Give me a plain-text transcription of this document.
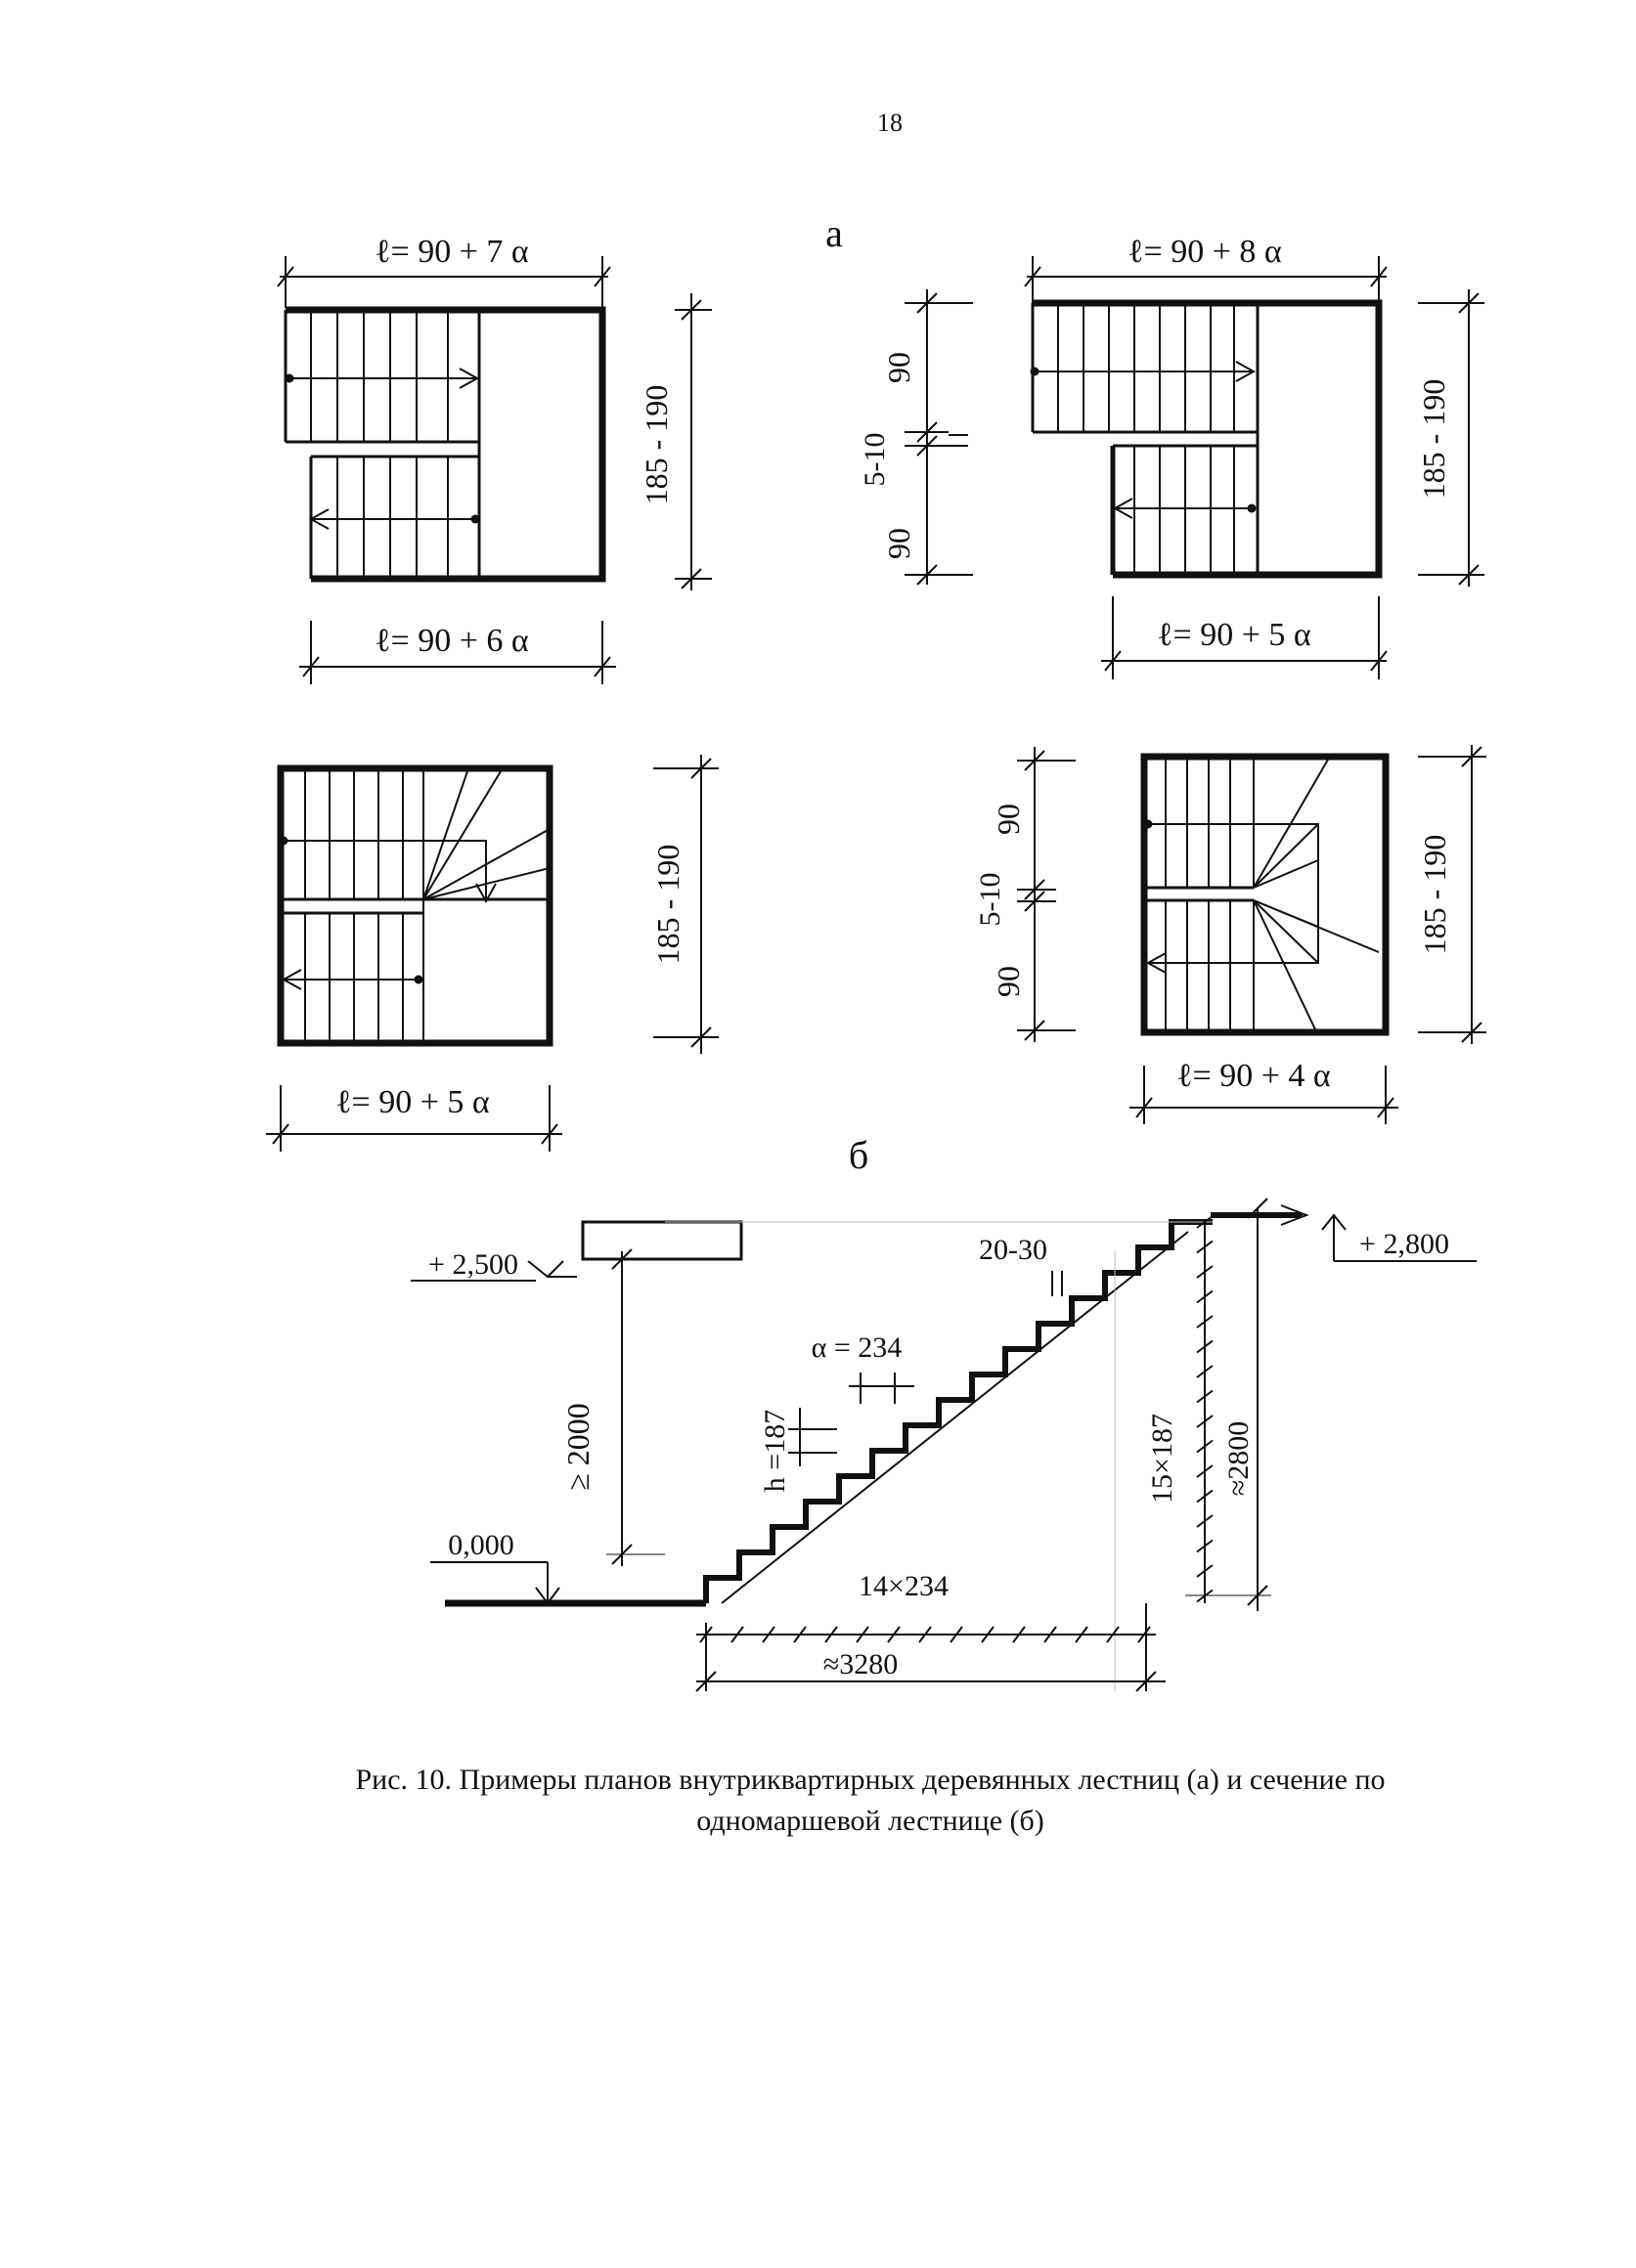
18
а
б
ℓ= 90 + 7 α
ℓ= 90 + 6 α
185 - 190
ℓ= 90 + 8 α
90
5-10
90
ℓ= 90 + 5 α
185 - 190
ℓ= 90 + 5 α
185 - 190
90
5-10
90
ℓ= 90 + 4 α
185 - 190
+ 2,500
≥ 2000
0,000
+ 2,800
α = 234
h =187
20-30
14×234
≈3280
15×187 ≈2800
Рис. 10. Примеры планов внутриквартирных деревянных лестниц (а) и сечение по
одномаршевой лестнице (б)
